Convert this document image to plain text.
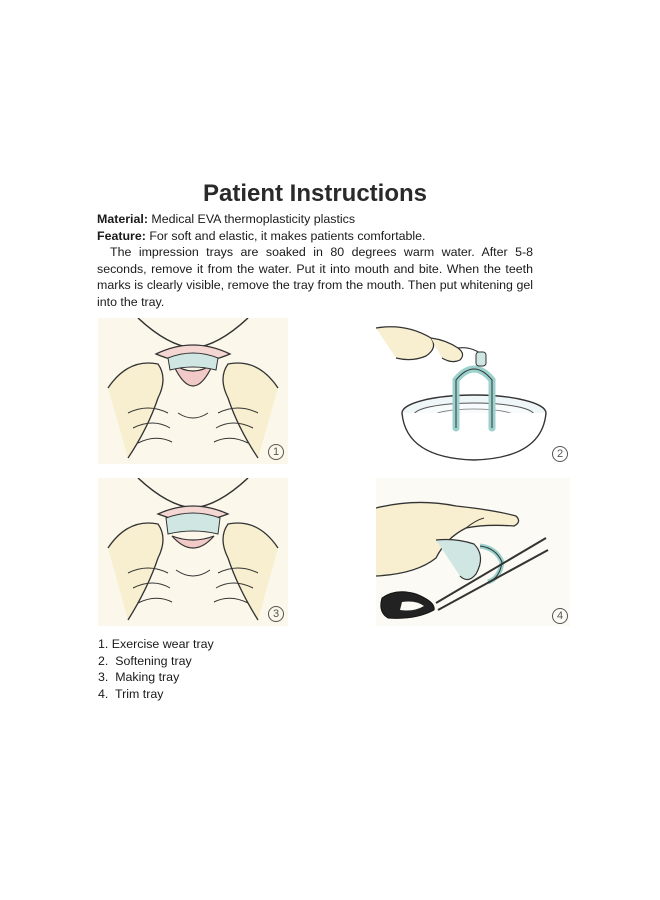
Patient Instructions
Material: Medical EVA thermoplasticity plastics
Feature: For soft and elastic, it makes patients comfortable.
The impression trays are soaked in 80 degrees warm water. After 5-8 seconds, remove it from the water. Put it into mouth and bite. When the teeth marks is clearly visible, remove the tray from the mouth. Then put whitening gel into the tray.
1	2
3	4
1. Exercise wear tray
2.  Softening tray
3.  Making tray
4.  Trim tray
